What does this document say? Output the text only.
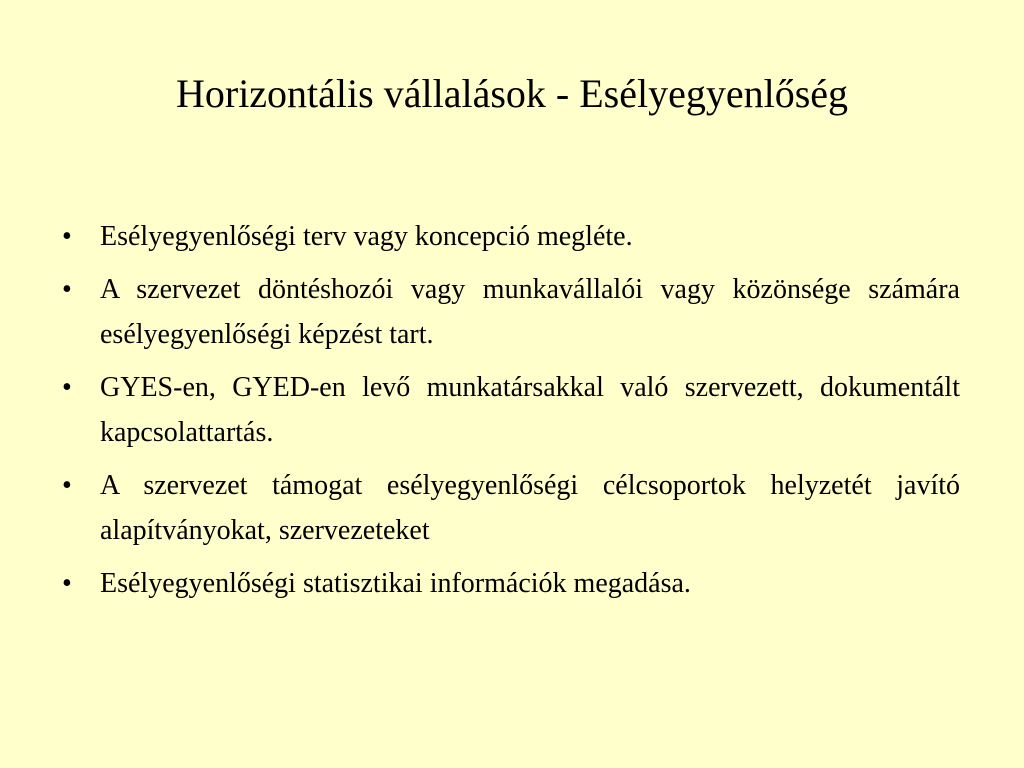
Horizontális vállalások - Esélyegyenlőség
•	Esélyegyenlőségi terv vagy koncepció megléte.
•	A szervezet döntéshozói vagy munkavállalói vagy közönsége számára esélyegyenlőségi képzést tart.
•	GYES-en, GYED-en levő munkatársakkal való szervezett, dokumentált kapcsolattartás.
•	A szervezet támogat esélyegyenlőségi célcsoportok helyzetét javító alapítványokat, szervezeteket
•	Esélyegyenlőségi statisztikai információk megadása.
